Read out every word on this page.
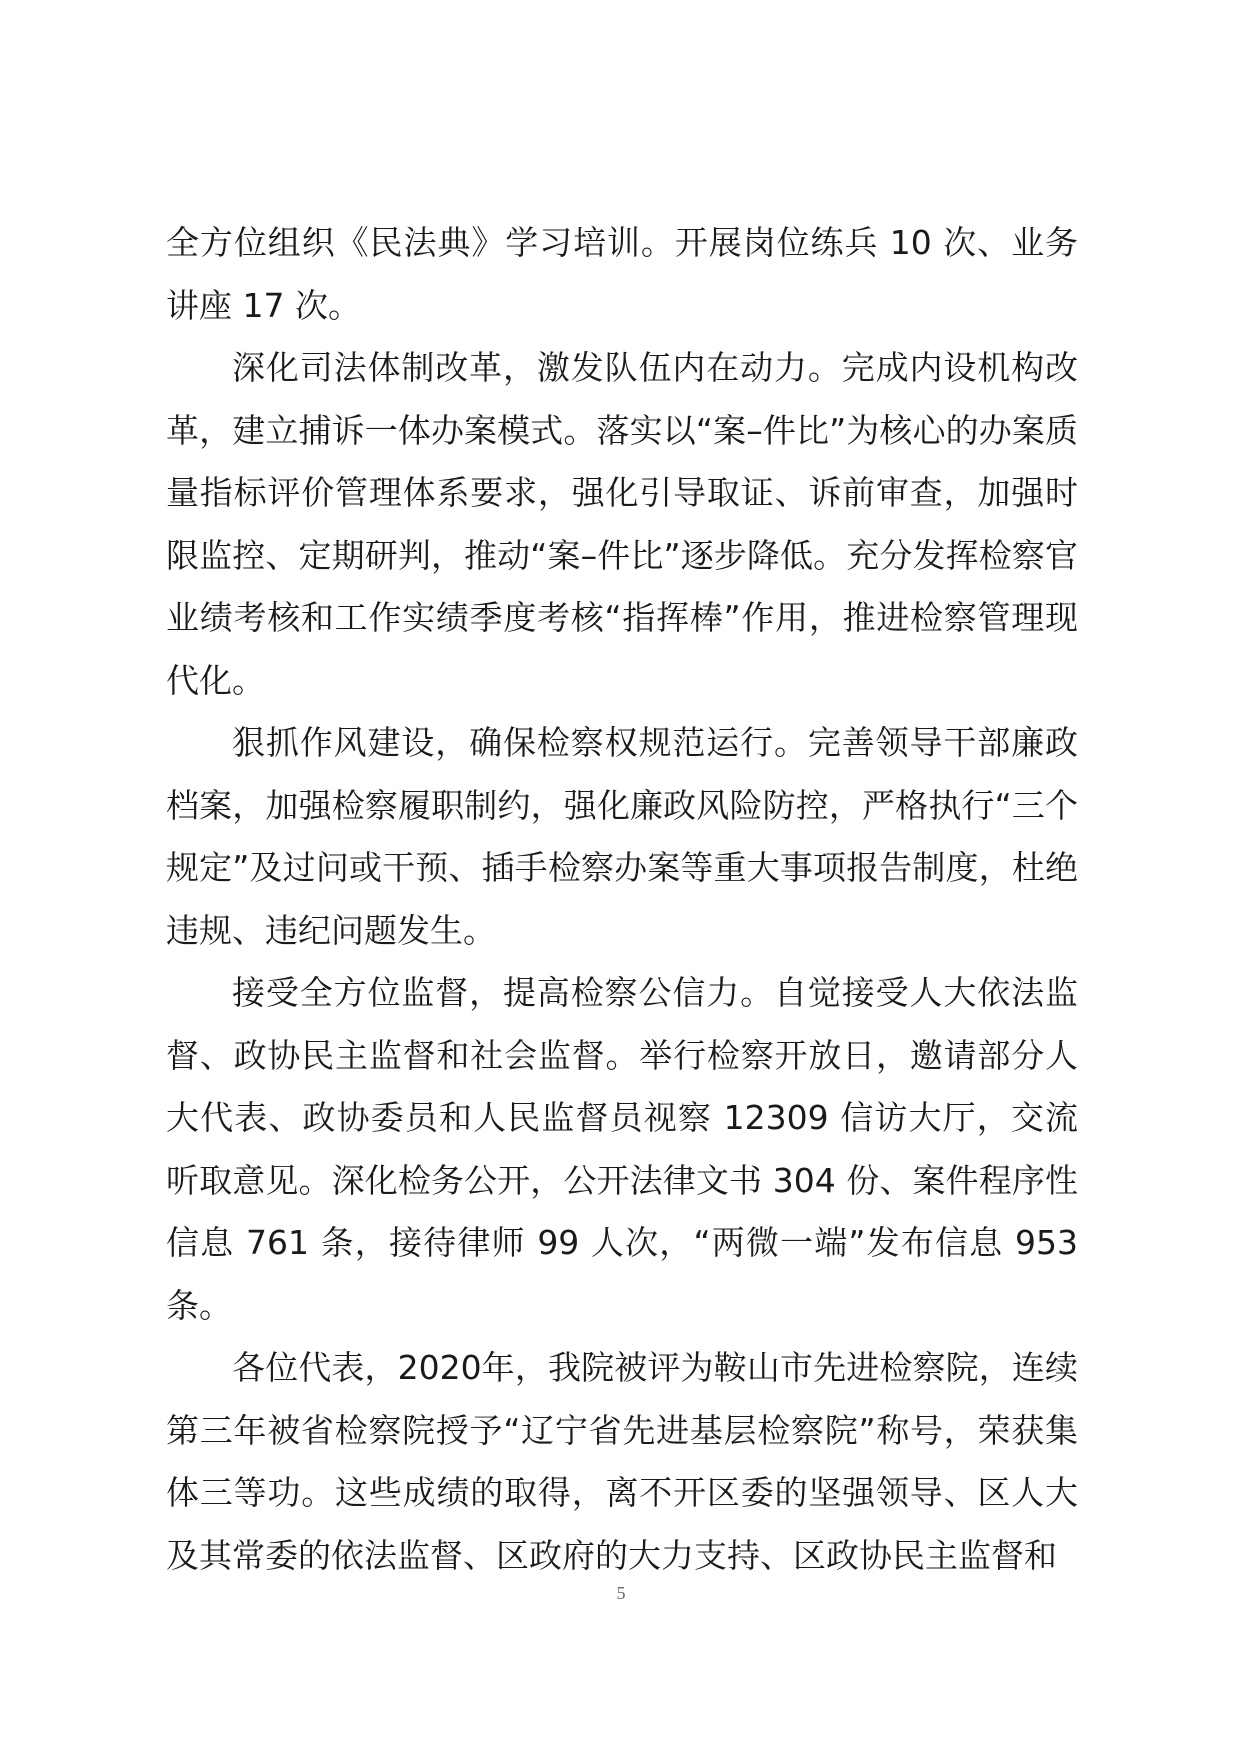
全方位组织《民法典》学习培训。开展岗位练兵 10 次、业务讲座 17 次。

深化司法体制改革，激发队伍内在动力。完成内设机构改革，建立捕诉一体办案模式。落实以“案–件比”为核心的办案质量指标评价管理体系要求，强化引导取证、诉前审查，加强时限监控、定期研判，推动“案–件比”逐步降低。充分发挥检察官业绩考核和工作实绩季度考核“指挥棒”作用，推进检察管理现代化。

狠抓作风建设，确保检察权规范运行。完善领导干部廉政档案，加强检察履职制约，强化廉政风险防控，严格执行“三个规定”及过问或干预、插手检察办案等重大事项报告制度，杜绝违规、违纪问题发生。

接受全方位监督，提高检察公信力。自觉接受人大依法监督、政协民主监督和社会监督。举行检察开放日，邀请部分人大代表、政协委员和人民监督员视察 12309 信访大厅，交流听取意见。深化检务公开，公开法律文书 304 份、案件程序性信息 761 条，接待律师 99 人次，“两微一端”发布信息 953 条。

各位代表，2020年，我院被评为鞍山市先进检察院，连续第三年被省检察院授予“辽宁省先进基层检察院”称号，荣获集体三等功。这些成绩的取得，离不开区委的坚强领导、区人大及其常委的依法监督、区政府的大力支持、区政协民主监督和

5
